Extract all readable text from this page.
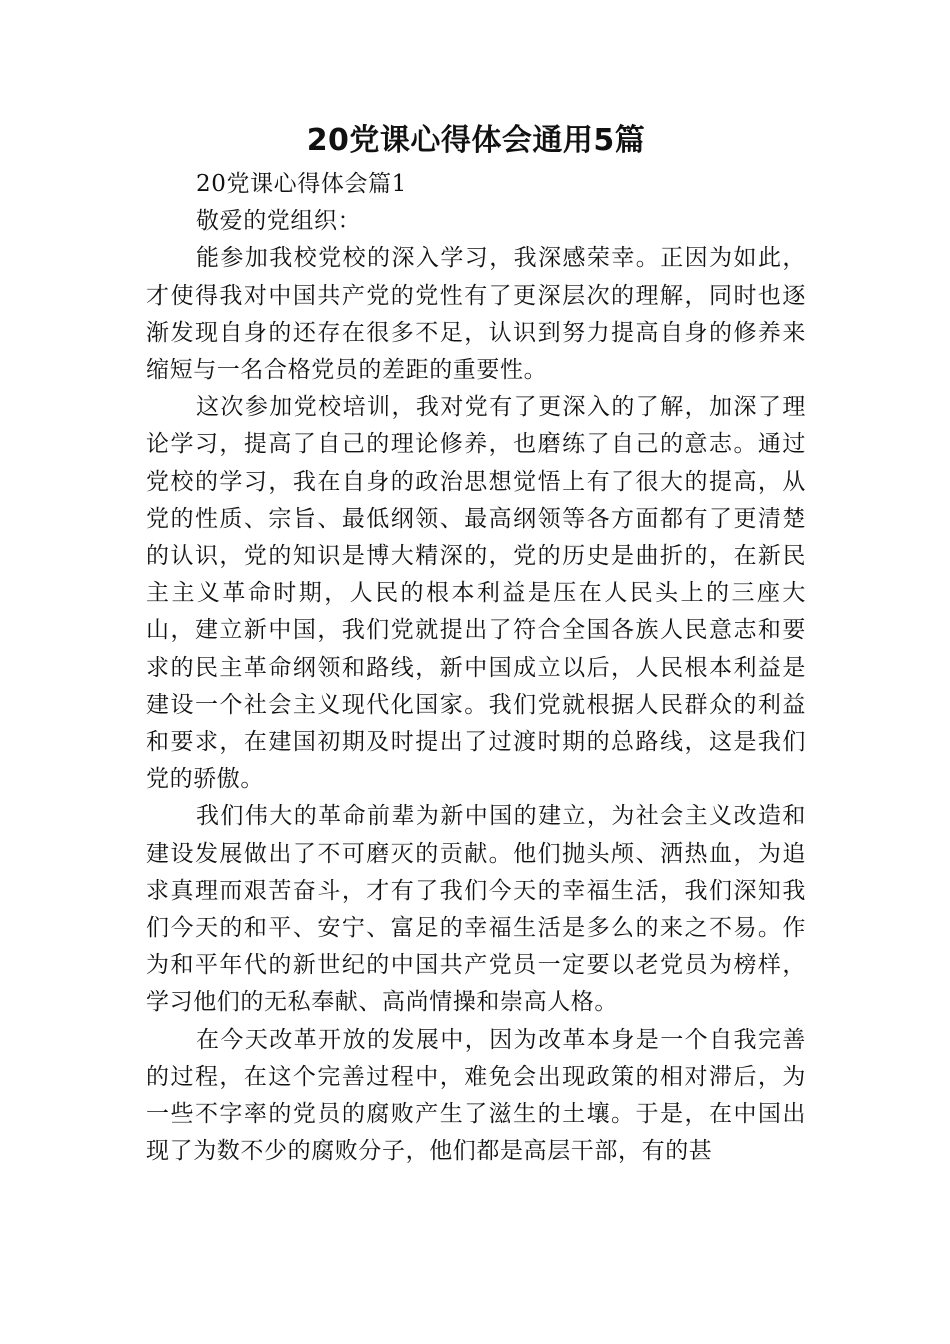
20党课心得体会通用5篇

20党课心得体会篇1

敬爱的党组织：

能参加我校党校的深入学习，我深感荣幸。正因为如此，才使得我对中国共产党的党性有了更深层次的理解，同时也逐渐发现自身的还存在很多不足，认识到努力提高自身的修养来缩短与一名合格党员的差距的重要性。

这次参加党校培训，我对党有了更深入的了解，加深了理论学习，提高了自己的理论修养，也磨练了自己的意志。通过党校的学习，我在自身的政治思想觉悟上有了很大的提高，从党的性质、宗旨、最低纲领、最高纲领等各方面都有了更清楚的认识，党的知识是博大精深的，党的历史是曲折的，在新民主主义革命时期，人民的根本利益是压在人民头上的三座大山，建立新中国，我们党就提出了符合全国各族人民意志和要求的民主革命纲领和路线，新中国成立以后，人民根本利益是建设一个社会主义现代化国家。我们党就根据人民群众的利益和要求，在建国初期及时提出了过渡时期的总路线，这是我们党的骄傲。

我们伟大的革命前辈为新中国的建立，为社会主义改造和建设发展做出了不可磨灭的贡献。他们抛头颅、洒热血，为追求真理而艰苦奋斗，才有了我们今天的幸福生活，我们深知我们今天的和平、安宁、富足的幸福生活是多么的来之不易。作为和平年代的新世纪的中国共产党员一定要以老党员为榜样，学习他们的无私奉献、高尚情操和崇高人格。

在今天改革开放的发展中，因为改革本身是一个自我完善的过程，在这个完善过程中，难免会出现政策的相对滞后，为一些不字率的党员的腐败产生了滋生的土壤。于是，在中国出现了为数不少的腐败分子，他们都是高层干部，有的甚
